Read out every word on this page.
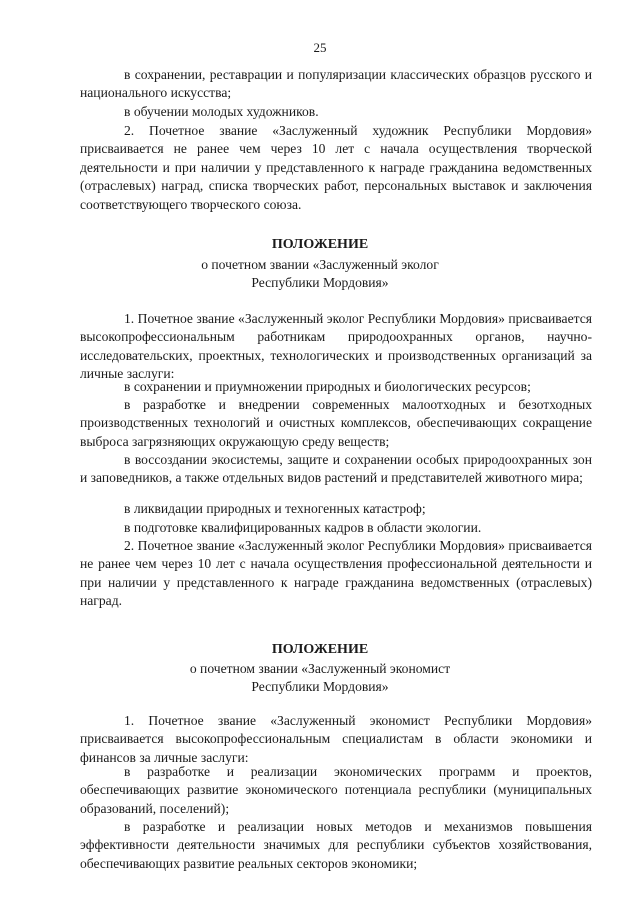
25

в сохранении, реставрации и популяризации классических образцов русского и национального искусства;

в обучении молодых художников.

2. Почетное звание «Заслуженный художник Республики Мордовия» присваивается не ранее чем через 10 лет с начала осуществления творческой деятельности и при наличии у представленного к награде гражданина ведомственных (отраслевых) наград, списка творческих работ, персональных выставок и заключения соответствующего творческого союза.

ПОЛОЖЕНИЕ
о почетном звании «Заслуженный эколог
Республики Мордовия»

1. Почетное звание «Заслуженный эколог Республики Мордовия» присваивается высокопрофессиональным работникам природоохранных органов, научно-исследовательских, проектных, технологических и производственных организаций за личные заслуги:

в сохранении и приумножении природных и биологических ресурсов;

в разработке и внедрении современных малоотходных и безотходных производственных технологий и очистных комплексов, обеспечивающих сокращение выброса загрязняющих окружающую среду веществ;

в воссоздании экосистемы, защите и сохранении особых природоохранных зон и заповедников, а также отдельных видов растений и представителей животного мира;

в ликвидации природных и техногенных катастроф;

в подготовке квалифицированных кадров в области экологии.

2. Почетное звание «Заслуженный эколог Республики Мордовия» присваивается не ранее чем через 10 лет с начала осуществления профессиональной деятельности и при наличии у представленного к награде гражданина ведомственных (отраслевых) наград.

ПОЛОЖЕНИЕ
о почетном звании «Заслуженный экономист
Республики Мордовия»

1. Почетное звание «Заслуженный экономист Республики Мордовия» присваивается высокопрофессиональным специалистам в области экономики и финансов за личные заслуги:

в разработке и реализации экономических программ и проектов, обеспечивающих развитие экономического потенциала республики (муниципальных образований, поселений);

в разработке и реализации новых методов и механизмов повышения эффективности деятельности значимых для республики субъектов хозяйствования, обеспечивающих развитие реальных секторов экономики;
